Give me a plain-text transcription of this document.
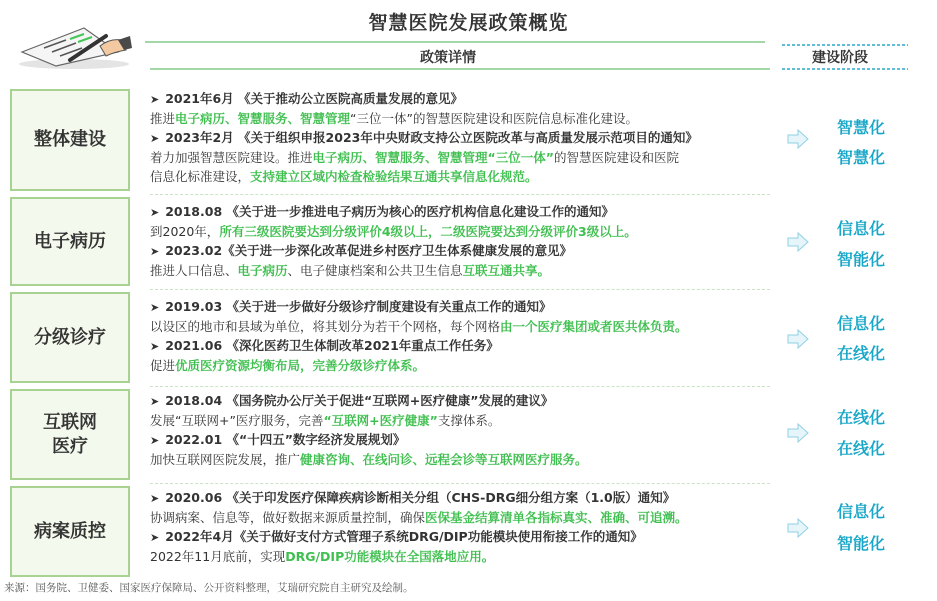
智慧医院发展政策概览
政策详情	建设阶段
整体建设
电子病历
分级诊疗
互联网
医疗
病案质控
➤ 2021年6月 《关于推动公立医院高质量发展的意见》
推进电子病历、智慧服务、智慧管理“三位一体”的智慧医院建设和医院信息标准化建设。
➤ 2023年2月 《关于组织申报2023年中央财政支持公立医院改革与高质量发展示范项目的通知》
着力加强智慧医院建设。推进电子病历、智慧服务、智慧管理“三位一体”的智慧医院建设和医院
信息化标准建设，支持建立区域内检查检验结果互通共享信息化规范。
➤ 2018.08 《关于进一步推进电子病历为核心的医疗机构信息化建设工作的通知》
到2020年，所有三级医院要达到分级评价4级以上，二级医院要达到分级评价3级以上。
➤ 2023.02《关于进一步深化改革促进乡村医疗卫生体系健康发展的意见》
推进人口信息、电子病历、电子健康档案和公共卫生信息互联互通共享。
➤ 2019.03 《关于进一步做好分级诊疗制度建设有关重点工作的通知》
以设区的地市和县域为单位，将其划分为若干个网格，每个网格由一个医疗集团或者医共体负责。
➤ 2021.06 《深化医药卫生体制改革2021年重点工作任务》
促进优质医疗资源均衡布局，完善分级诊疗体系。
➤ 2018.04 《国务院办公厅关于促进“互联网+医疗健康”发展的建议》
发展“互联网+”医疗服务，完善“互联网+医疗健康”支撑体系。
➤ 2022.01 《“十四五”数字经济发展规划》
加快互联网医院发展，推广健康咨询、在线问诊、远程会诊等互联网医疗服务。
➤ 2020.06 《关于印发医疗保障疾病诊断相关分组（CHS-DRG细分组方案（1.0版）通知》
协调病案、信息等，做好数据来源质量控制，确保医保基金结算清单各指标真实、准确、可追溯。
➤ 2022年4月《关于做好支付方式管理子系统DRG/DIP功能模块使用衔接工作的通知》
2022年11月底前，实现DRG/DIP功能模块在全国落地应用。
智慧化
智慧化
信息化
智能化
信息化
在线化
在线化
在线化
信息化
智能化
来源：国务院、卫健委、国家医疗保障局、公开资料整理，艾瑞研究院自主研究及绘制。
